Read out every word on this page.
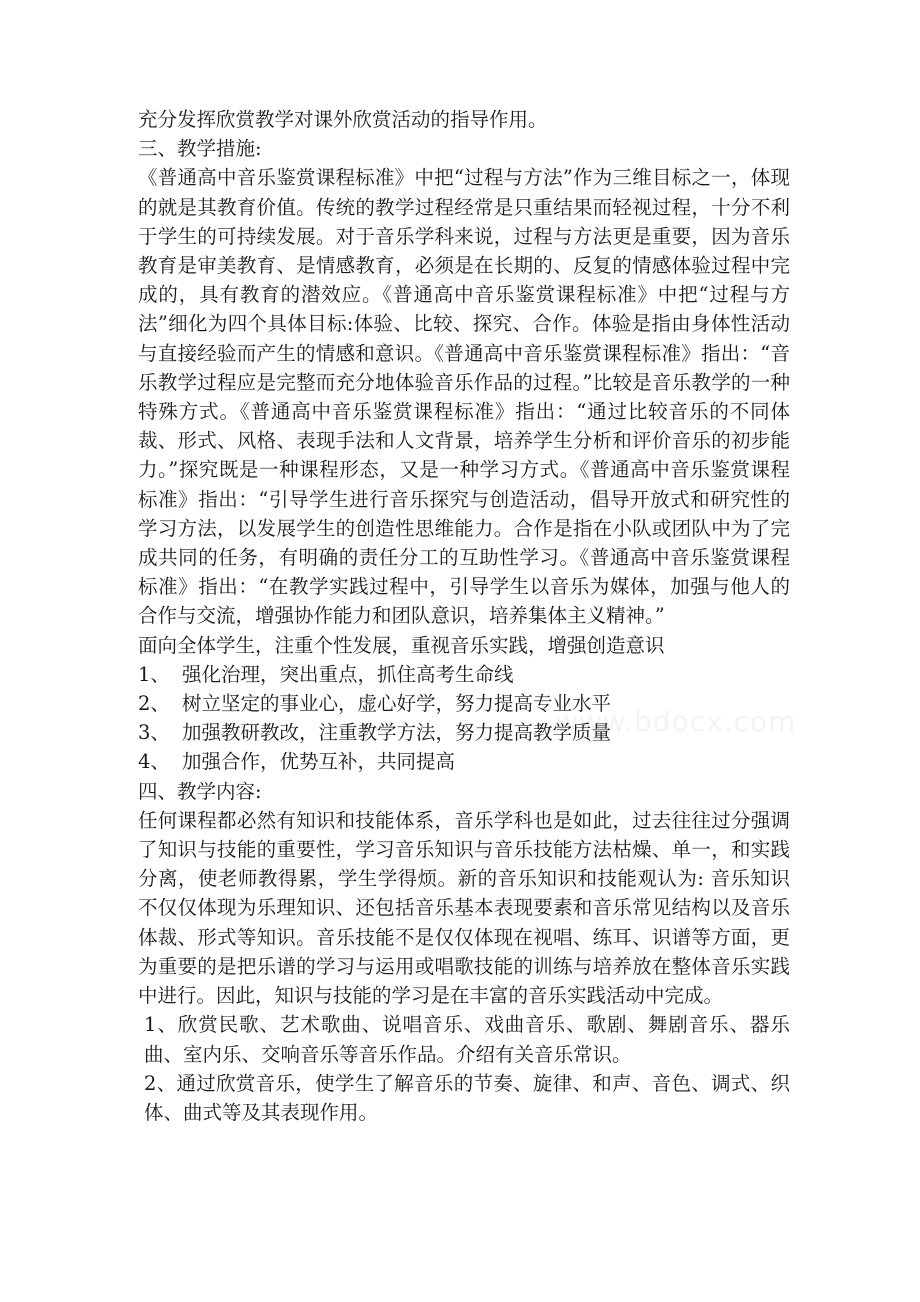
www.bdocx.com

充分发挥欣赏教学对课外欣赏活动的指导作用。

三、教学措施:

《普通高中音乐鉴赏课程标准》中把“过程与方法”作为三维目标之一，体现的就是其教育价值。传统的教学过程经常是只重结果而轻视过程，十分不利于学生的可持续发展。对于音乐学科来说，过程与方法更是重要，因为音乐教育是审美教育、是情感教育，必须是在长期的、反复的情感体验过程中完成的，具有教育的潜效应。《普通高中音乐鉴赏课程标准》中把“过程与方法”细化为四个具体目标:体验、比较、探究、合作。体验是指由身体性活动与直接经验而产生的情感和意识。《普通高中音乐鉴赏课程标准》指出：“音乐教学过程应是完整而充分地体验音乐作品的过程。”比较是音乐教学的一种特殊方式。《普通高中音乐鉴赏课程标准》指出：“通过比较音乐的不同体裁、形式、风格、表现手法和人文背景，培养学生分析和评价音乐的初步能力。”探究既是一种课程形态，又是一种学习方式。《普通高中音乐鉴赏课程标准》指出：“引导学生进行音乐探究与创造活动，倡导开放式和研究性的学习方法，以发展学生的创造性思维能力。合作是指在小队或团队中为了完成共同的任务，有明确的责任分工的互助性学习。《普通高中音乐鉴赏课程标准》指出：“在教学实践过程中，引导学生以音乐为媒体，加强与他人的合作与交流，增强协作能力和团队意识，培养集体主义精神。”

面向全体学生，注重个性发展，重视音乐实践，增强创造意识

1、 强化治理，突出重点，抓住高考生命线

2、 树立坚定的事业心，虚心好学，努力提高专业水平

3、 加强教研教改，注重教学方法，努力提高教学质量

4、 加强合作，优势互补，共同提高

四、教学内容:

任何课程都必然有知识和技能体系，音乐学科也是如此，过去往往过分强调了知识与技能的重要性，学习音乐知识与音乐技能方法枯燥、单一，和实践分离，使老师教得累，学生学得烦。新的音乐知识和技能观认为: 音乐知识不仅仅体现为乐理知识、还包括音乐基本表现要素和音乐常见结构以及音乐体裁、形式等知识。音乐技能不是仅仅体现在视唱、练耳、识谱等方面，更为重要的是把乐谱的学习与运用或唱歌技能的训练与培养放在整体音乐实践中进行。因此，知识与技能的学习是在丰富的音乐实践活动中完成。

1、欣赏民歌、艺术歌曲、说唱音乐、戏曲音乐、歌剧、舞剧音乐、器乐曲、室内乐、交响音乐等音乐作品。介绍有关音乐常识。

2、通过欣赏音乐，使学生了解音乐的节奏、旋律、和声、音色、调式、织体、曲式等及其表现作用。
